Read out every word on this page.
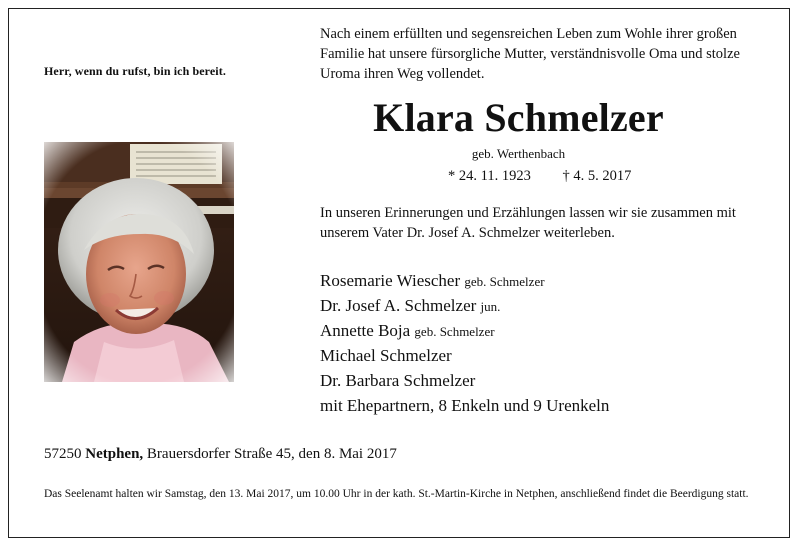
Herr, wenn du rufst, bin ich bereit.
Nach einem erfüllten und segensreichen Leben zum Wohle ihrer großen Familie hat unsere fürsorgliche Mutter, verständnisvolle Oma und stolze Uroma ihren Weg vollendet.
Klara Schmelzer
geb. Werthenbach
* 24. 11. 1923 † 4. 5. 2017
In unseren Erinnerungen und Erzählungen lassen wir sie zusammen mit unserem Vater Dr. Josef A. Schmelzer weiterleben.
Rosemarie Wiescher geb. Schmelzer
Dr. Josef A. Schmelzer jun.
Annette Boja geb. Schmelzer
Michael Schmelzer
Dr. Barbara Schmelzer
mit Ehepartnern, 8 Enkeln und 9 Urenkeln
57250 Netphen, Brauersdorfer Straße 45, den 8. Mai 2017
Das Seelenamt halten wir Samstag, den 13. Mai 2017, um 10.00 Uhr in der kath. St.-Martin-Kirche in Netphen, anschließend findet die Beerdigung statt.
